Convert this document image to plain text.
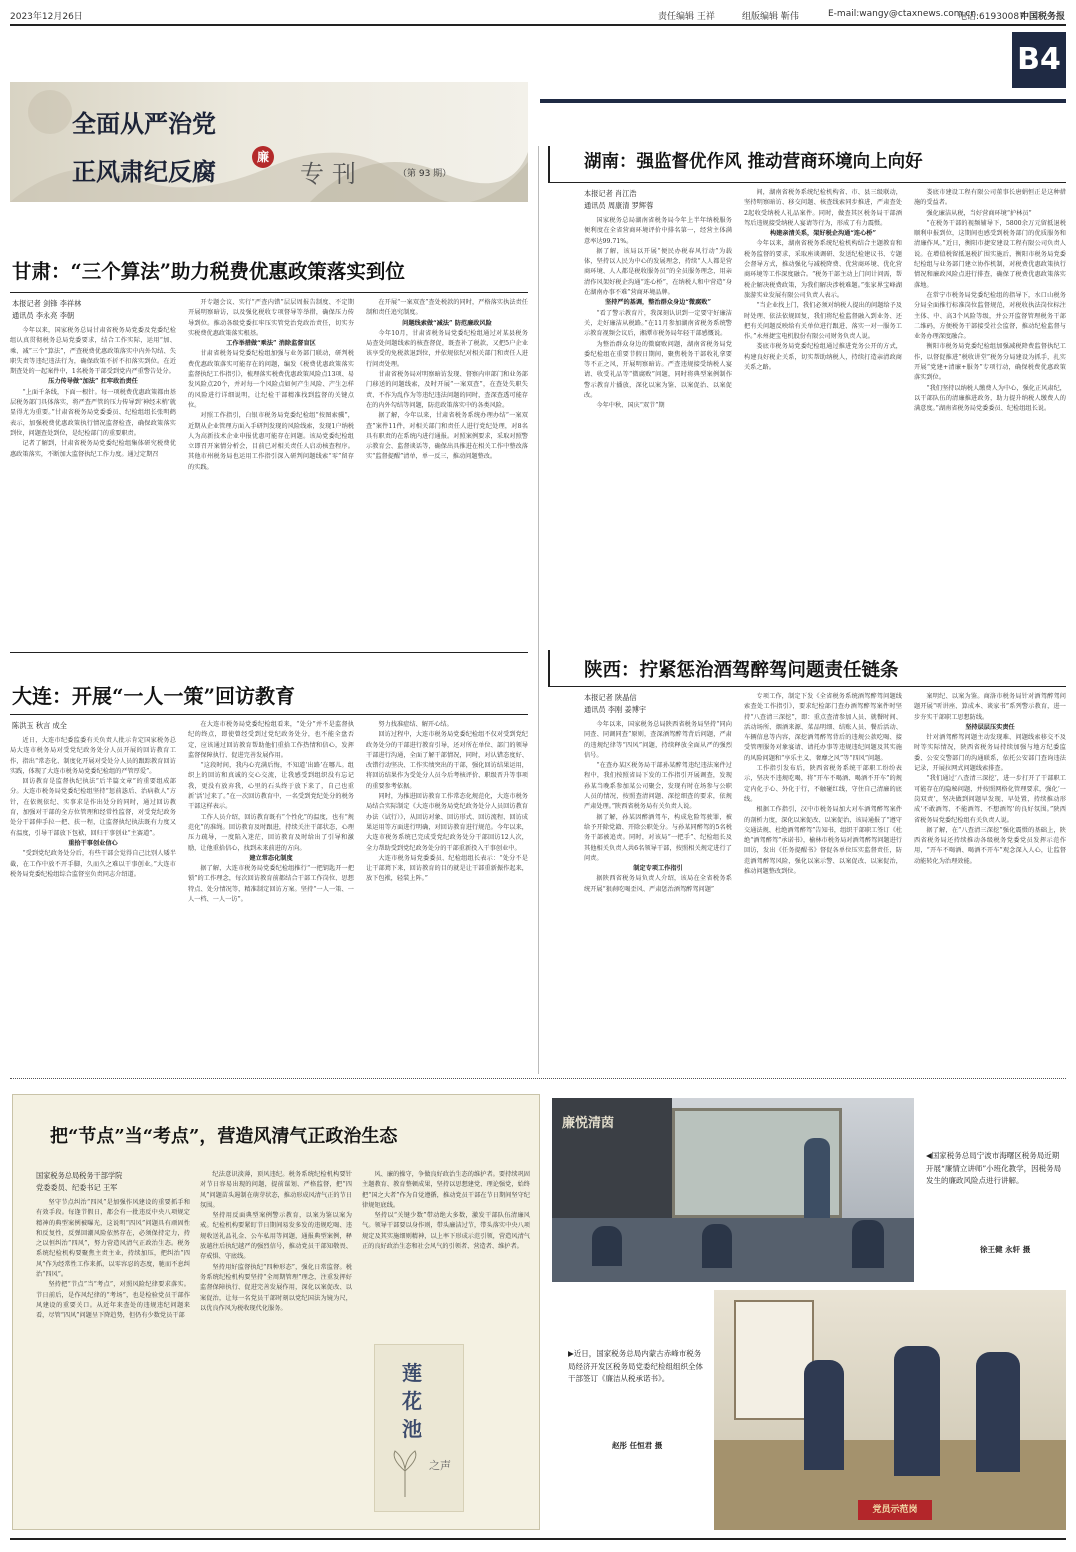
2023年12月26日	责任编辑 王祥	组版编辑 靳伟	E-mail:wangy@ctaxnews.com.cn
电话:61930087
中国税务报
B4
全面从严治党
正风肃纪反腐	廉
专刊	（第 93 期）
甘肃：“三个算法”助力税费优惠政策落实到位
本报记者 剑锋 李祥林
通讯员 李永亮 李朝

今年以来，国家税务总局甘肃省税务局党委及党委纪检组认真贯彻税务总局党委要求，结合工作实际，运用“加、乘、减”三个“算法”，严查税费优惠政策落实中内外勾结、失职失责等违纪违法行为，确保政策不折不扣落实到位。在近期查处的一起案件中，1名税务干部受到党内严重警告处分。

压力传导做“加法” 扛牢政治责任

“上面千条线，下面一根针。每一项税费优惠政策都由基层税务部门具体落实，将严查严管的压力传导到‘神经末梢’就显得尤为重要。”甘肃省税务局党委委员、纪检组组长张明鹤表示，加强税费优惠政策执行情况监督检查，确保政策落实到位，问题查处到位，是纪检部门的重要职责。

记者了解到，甘肃省税务局党委纪检组集体研究税费优惠政策落实，不断加大监督执纪工作力度。通过定期召

开专题会议、实行“严查内错”层层周报告制度、不定期开展明察暗访，以及强化税收专项督导等举措，确保压力传导到位。推动各级党委扛牢压实管党治党政治责任，切实夯实税费优惠政策落实根基。

工作举措做“乘法” 消除监督盲区

甘肃省税务局党委纪检组加强与业务部门联动，研判税费优惠政策落实可能存在的问题，编发《税费优惠政策落实监督执纪工作指引》，梳理落实税费优惠政策风险点13项、易发风险点20个，并对每一个风险点如何产生风险、产生怎样的风险进行详细说明，让纪检干部精准找到监督的关键点位。

对照工作指引，白银市税务局党委纪检组“按图索骥”，近期从企业管理方面入手研判发现的风险线索，发现1户纳税人为高新技术企业申报优惠可能存在问题。该局党委纪检组立即召开案情分析会，目前已对相关责任人启动核查程序。其他市州税务局也运用工作指引深入研判问题线索“零”留存的实践。

在开展“一案双查”查处税款的同时，严格落实执法责任制和责任追究制度。

问题线索做“减法” 防范廉政风险

今年10月，甘肃省税务局党委纪检组通过对某县税务局查处问题线索的核查督促，既查补了税款，又把5户企业该享受的免税款退到位，并依规依纪对相关部门和责任人进行问责处理。

甘肃省税务局对明察暗访发现、督察内审部门和业务部门移送的问题线索，及时开展“一案双查”，在查处失职失责、不作为乱作为等违纪违法问题的同时，查深查透可能存在的内外勾结等问题，防范政策落实中的各类风险。

据了解，今年以来，甘肃省税务系统办理办结“一案双查”案件11件，对相关部门和责任人进行党纪处理，对8名具有职责的在系统内进行通报。对照案例要求，采取对照警示教育会、监督谈话等，确保出具推进在相关工作中整改落实“监督提醒”清单，单一反三，推动问题整改。

湖南：强监督优作风 推动营商环境向上向好
本报记者 肖江浩
通讯员 周康清 罗辉蓉

国家税务总局湖南省税务局今年上半年纳税服务便利度在全省营商环境评价中排名第一，经营主体满意率达99.71%。

据了解，该局以开展“便民办税春风行动”为载体，坚持以人民为中心的发展理念，持续“人人都是营商环境、人人都是税收服务员”的全员服务理念，用亲清作风架好税企沟通“连心桥”，在纳税人和中营造“身在湖南办事不难”营商环境品牌。

坚持严的基调，整治群众身边“微腐败”

“看了警示教育片，我深刻认识到一定要守好廉洁关，走好廉洁从税路。”在11月参加湖南省税务系统警示教育视频会议后，湘潭市税务局年轻干部感慨说。

为整治群众身边的微腐败问题，湖南省税务局党委纪检组在重要节假日期间，聚焦税务干部收礼拿要等不正之风，开展明察暗访。严查违规接受纳税人宴请、收受礼品等“微腐败”问题，同时将典型案例制作警示教育片播放，深化以案为鉴、以案促治、以案促改。

今年中秋、国庆“双节”期

间，湖南省税务系统纪检机构省、市、县三级联动，坚持明察暗访、移交问题、核查线索同步推进，严肃查处2起收受纳税人礼品案件。同时，做查其区税务局干部酒驾后违规接受纳税人宴请等行为，形成了有力震慑。

构建亲清关系，架好税企沟通“连心桥”

今年以来，湖南省税务系统纪检机构结合主题教育和税务监督的要求，采取座谈调研、发送纪检建议书、专题会督导方式，推动强化与减税降费、优营商环境、优化营商环境等工作深度融合。“税务干部主动上门问计问需，帮税企解决税费政策，为我们解决涉税难题。”张家界宝峰湖旅游实业发展有限公司负责人表示。

“当企业找上门，我们必须对纳税人提出的问题给予及时处理、依法依规回复，我们将纪检监督融入到业务、还把有关问题反映给有关单位进行跟进、落实一对一服务工作。”永州捷宝电机股份有限公司财务负责人说。

娄底市税务局党委纪检组通过推进党务公开的方式，构建良好税企关系，切实帮助纳税人，持续打造亲清政商关系之路。

娄底市建设工程有限公司董事长唐娟恒正是这种措施的受益者。

强化廉洁从税，当好营商环境“护林员”

“在税务干部的视频辅导下，5800余万元留抵退税顺利申报到位，这期间也感受到税务部门的优质服务和清廉作风。”近日，衡阳市捷安建设工程有限公司负责人说。在增值税留抵退税扩围实施后，衡阳市税务局党委纪检组与业务部门建立协作机制，对税费优惠政策执行情况和廉政风险点进行排查，确保了税费优惠政策落实落地。

在常宁市税务局党委纪检组的指导下，水口山税务分局全面推行标准岗位监督规范，对税收执法岗位标注主体、中、高3个风险等级，并公开监督管理税务干部二维码，方便税务干部接受社会监督，推动纪检监督与业务办理深度融合。

衡阳市税务局党委纪检组加强减税降费监督执纪工作，以督促推进“税收讲堂”税务分局建设为抓手，扎实开展“党建+清廉+服务”专项行动，确保税费优惠政策落实到位。

“我们坚持以纳税人缴费人为中心，强化正风肃纪，以干部队伍的清廉推进政务，助力提升纳税人缴费人的满意度。”湖南省税务局党委委员、纪检组组长说。

大连：开展“一人一策”回访教育
陈洪玉 秋言 成全

近日，大连市纪委监委有关负责人批示肯定国家税务总局大连市税务局对受党纪政务处分人员开展的回访教育工作，指出“常态化、制度化开展对受处分人员的跟踪教育回访实践，体现了大连市税务局党委纪检组的严管厚爱”。

回访教育是监督执纪执法“后半篇文章”的重要组成部分。大连市税务局党委纪检组坚持“惩前毖后、治病救人”方针，在依规依纪、实事求是作出处分的同时，通过回访教育，加强对干部的全方位管理和经常性监督，对受党纪政务处分干部伸手拉一把、扶一程，让监督执纪执法既有力度又有温度，引导干部放下包袱，回归干事创业“主赛道”。

重拾干事创业信心

“受到党纪政务处分后，有些干部会觉得自己比别人矮半截，在工作中放不开手脚，久而久之难以干事创业。”大连市税务局党委纪检组综合监督室负责同志介绍道。

在大连市税务局党委纪检组看来，“处分”并不是监督执纪的终点，即使曾经受到过党纪政务处分，也不能全盘否定，应该通过回访教育帮助他们重拾工作热情和信心，发挥监督保障执行、促进完善发展作用。

“这段时间，我内心充满后悔，不知道‘出路’在哪儿。组织上的回访和真诚的交心交流，让我感受到组织没有忘记我，更没有放弃我，心里的石头终于放下来了，自己也重新‘活’过来了。”在一次回访教育中，一名受到党纪处分的税务干部这样表示。

工作人员介绍，回访教育既有“个性化”的温度，也有“规范化”的准绳。回访教育及时跟进，持续关注干部状态，心理压力疏导，一度陷入迷茫，回访教育及时给出了引导和激励，让他重拾信心，找到未来前进的方向。

建立常态化制度

据了解，大连市税务局党委纪检组推行“一把钥匙开一把锁”的工作理念，每次回访教育前都结合干部工作岗位、思想特点、处分情况等，精准制定回访方案。坚持“一人一策、一人一档、一人一访”。

努力找准症结、解开心结。

回访过程中，大连市税务局党委纪检组不仅对受到党纪政务处分的干部进行教育引导，还对所在单位、部门的领导干部进行沟通，全面了解干部情况，同时，对认错态度好、改错行动坚决、工作实绩突出的干部，强化回访结果运用，将回访结果作为受处分人员今后考核评价、职级晋升等事项的重要参考依据。

同时，为推进回访教育工作常态化规范化，大连市税务局结合实际制定《大连市税务局党纪政务处分人员回访教育办法（试行）》，从回访对象、回访形式、回访流程、回访成果运用等方面进行明确，对回访教育进行规范。今年以来，大连市税务系统已完成受党纪政务处分干部回访12人次，全力帮助受到党纪政务处分的干部重新投入干事创业中。

大连市税务局党委委员、纪检组组长表示：“处分不是让干部蔫下来，回访教育的目的就是让干部重新振作起来，放下包袱，轻装上阵。”

陕西：拧紧惩治酒驾醉驾问题责任链条
本报记者 陕晶信
通讯员 李刚 姜博宇

今年以来，国家税务总局陕西省税务局坚持“同向同查、同调同查”原则，查深酒驾醉驾背后问题，严肃的违规纪律等“四风”问题，持续释放全面从严的强烈信号。

“在查办某区税务局干部孙某醉驾违纪违法案件过程中，我们按照省局下发的工作指引开展调查，发现孙某当晚系参加某公司聚会，发现有时在场参与公职人员的情况，按照查清问题、深挖细查的要求，依规严肃处理。”陕西省税务局有关负责人说。

据了解，孙某因醉酒驾车，构成危险驾驶罪，被给予开除党籍、开除公职处分。与孙某同醉驾的5名税务干部被追责。同时，对该局“一把手”、纪检组长及其他相关负责人共6名领导干部，按照相关规定进行了问责。

制定专项工作指引

据陕西省税务局负责人介绍，该局在全省税务系统开展“狠刹吃喝歪风、严肃惩治酒驾醉驾问题”

专项工作，制定下发《全省税务系统酒驾醉驾问题线索查处工作指引》，要求纪检部门查办酒驾醉驾案件时坚持“八查清三深挖”，即：重点查清参加人员、就餐时间、活动场所、烟酒来源、菜品明细、结账人员、餐后活动、车辆信息等内容，深挖酒驾醉驾背后的违规公款吃喝、接受管理服务对象宴请、请托办事等违规违纪问题及其实施的风险问题和“享乐主义、奢靡之风”等“四风”问题。

工作指引发布后，陕西省税务系统干部职工纷纷表示，坚决不违规吃喝，将“开车不喝酒、喝酒不开车”的规定内化于心、外化于行，不触碰红线，守住自己清廉的底线。

根据工作指引，汉中市税务局加大对车酒驾醉驾案件的剖析力度，深化以案促改、以案促治，该局通报了“遵守交通法规、杜绝酒驾醉驾”告知书，组织干部职工签订《杜绝“酒驾醉驾”承诺书》，榆林市税务局对酒驾醉驾问题进行回访，发出《任务提醒书》督促各单位压实监督责任，防范酒驾醉驾风险，强化以案示警、以案促改、以案促治，推动问题整改到位。

案明纪、以案为鉴。商洛市税务局针对酒驾醉驾问题开展“听讲座、算成本、谈家书”系列警示教育，进一步夯实干部职工思想防线。

坚持层层压实责任

针对酒驾醉驾问题主动发现难、问题线索移交不及时等实际情况，陕西省税务局持续加强与地方纪委监委、公安交警部门的沟通联系，依托公安部门查询违法记录，开展拉网式问题线索排查。

“我们通过‘八查清三深挖’，进一步打开了干部职工可能存在的隐秘问题，并按照网格化管理要求，强化‘一岗双责’，坚决做到问题早发现、早处置，持续推动形成‘不敢酒驾、不能酒驾、不想酒驾’的良好氛围。”陕西省税务局党委纪检组有关负责人说。

据了解，在“八查清三深挖”强化震慑的基础上，陕西省税务局还持续推动各级税务党委党员发挥示范作用，“开车不喝酒、喝酒不开车”观念深入人心，让监督动能转化为治理效能。

把“节点”当“考点”，营造风清气正政治生态
国家税务总局税务干部学院
党委委员、纪委书记 王军

坚守节点纠治“四风”是加强作风建设的重要抓手和有效手段。每逢节假日，都会有一批违反中央八项规定精神的典型案例被曝光，这说明“四风”问题具有顽固性和反复性，反弹回潮风险依然存在，必须保持定力，持之以恒纠治“四风”，努力营造风清气正政治生态。税务系统纪检机构要聚焦主责主业，持续加压，把纠治“四风”作为经常性工作来抓，以零容忍的态度，驰而不息纠治“四风”。

坚持把“节点”当“考点”，对照风险纪律要求落实。节日前后，是作风纪律的“考场”，也是检验党员干部作风建设的重要关口。从近年来查处的违规违纪问题来看，尽管“四风”问题呈下降趋势，但仍有少数党员干部

纪法意识淡薄，顶风违纪。税务系统纪检机构要针对节日容易出现的问题，提前谋划、严格监督，把“四风”问题苗头遏制在萌芽状态，推动形成风清气正的节日氛围。

坚持用反面典型案例警示教育，以案为鉴以案为戒。纪检机构要紧盯节日期间易发多发的违规吃喝、违规收送礼品礼金、公车私用等问题，通报典型案例，释放越往后执纪越严的强烈信号，推动党员干部知敬畏、存戒惧、守底线。

坚持用好监督执纪“四种形态”，强化日常监督。税务系统纪检机构要坚持“全周期管理”理念，注重发挥好监督保障执行、促进完善发展作用，深化以案促改、以案促治，让每一名党员干部时刻以党纪国法为镜为尺，以优良作风为税收现代化服务。

风、廉的操守，争做良好政治生态的维护者。要持续巩固主题教育、教育整顿成果，坚持以思想建党、理论强党，始终把“国之大者”作为自觉遵循，推动党员干部在节日期间坚守纪律规矩底线。

坚持以“关键少数”带动绝大多数，激发干部队伍清廉风气。领导干部要以身作则，带头廉洁过节，带头落实中央八项规定及其实施细则精神，以上率下形成示范引领，营造风清气正的良好政治生态和社会风气的引领者、营造者、维护者。

莲花池
之声
廉悦清茵
◀国家税务总局宁波市海曙区税务局近期开展“廉情立讲师”小班化教学，因税务局发生的廉政风险点进行讲解。
徐王健 永轩 摄
党员示范岗
▶近日，国家税务总局内蒙古赤峰市税务局经济开发区税务局党委纪检组组织全体干部签订《廉洁从税承诺书》。
赵彤 任恒君 摄
